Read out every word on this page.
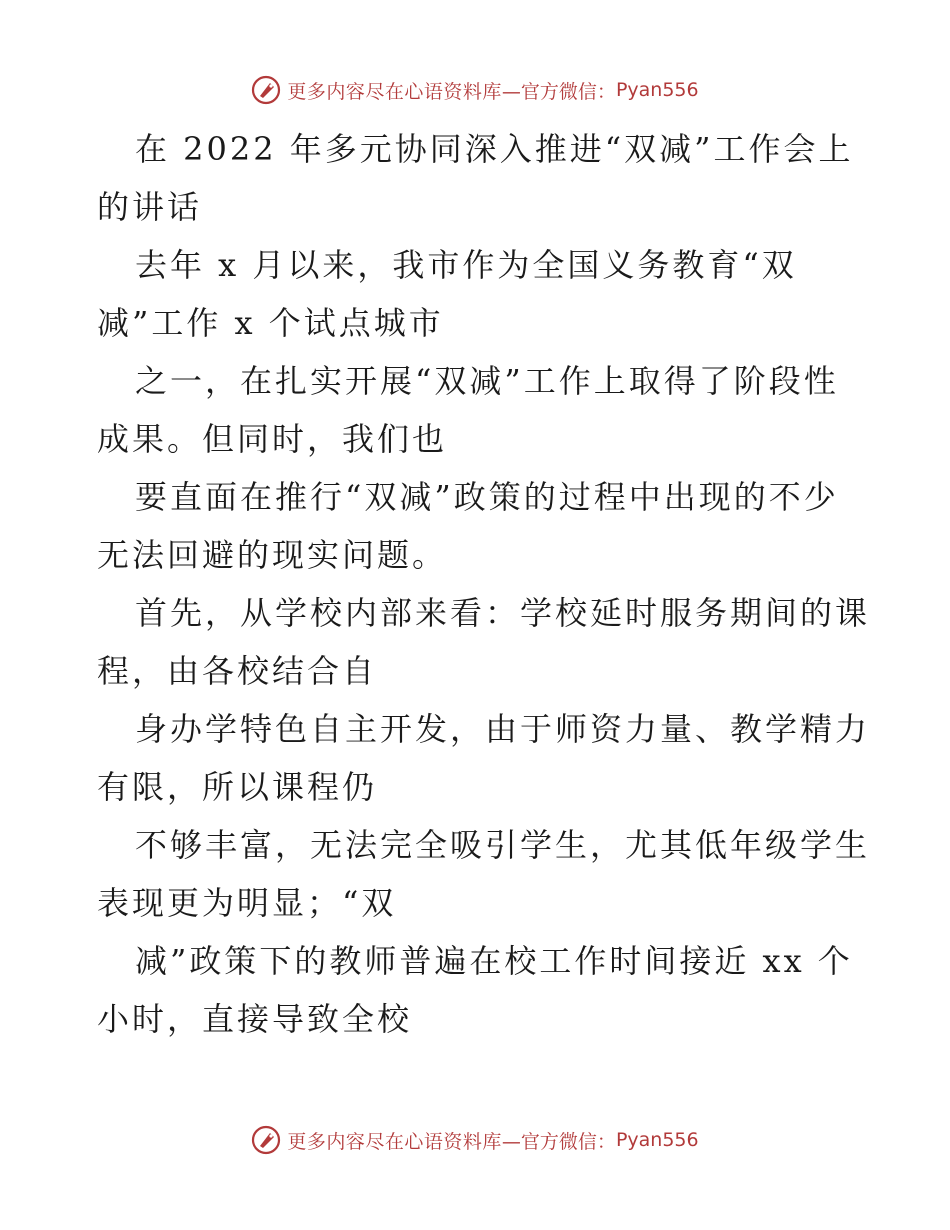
更多内容尽在心语资料库 —官方微信： Pyan556
在 2022 年多元协同深入推进“双减”工作会上
的讲话
去年 x 月以来，我市作为全国义务教育“双
减”工作 x 个试点城市
之一，在扎实开展“双减”工作上取得了阶段性
成果。但同时，我们也
要直面在推行“双减”政策的过程中出现的不少
无法回避的现实问题。
首先，从学校内部来看：学校延时服务期间的课
程，由各校结合自
身办学特色自主开发，由于师资力量、教学精力
有限，所以课程仍
不够丰富，无法完全吸引学生，尤其低年级学生
表现更为明显；“双
减”政策下的教师普遍在校工作时间接近 xx 个
小时，直接导致全校
更多内容尽在心语资料库 —官方微信： Pyan556
